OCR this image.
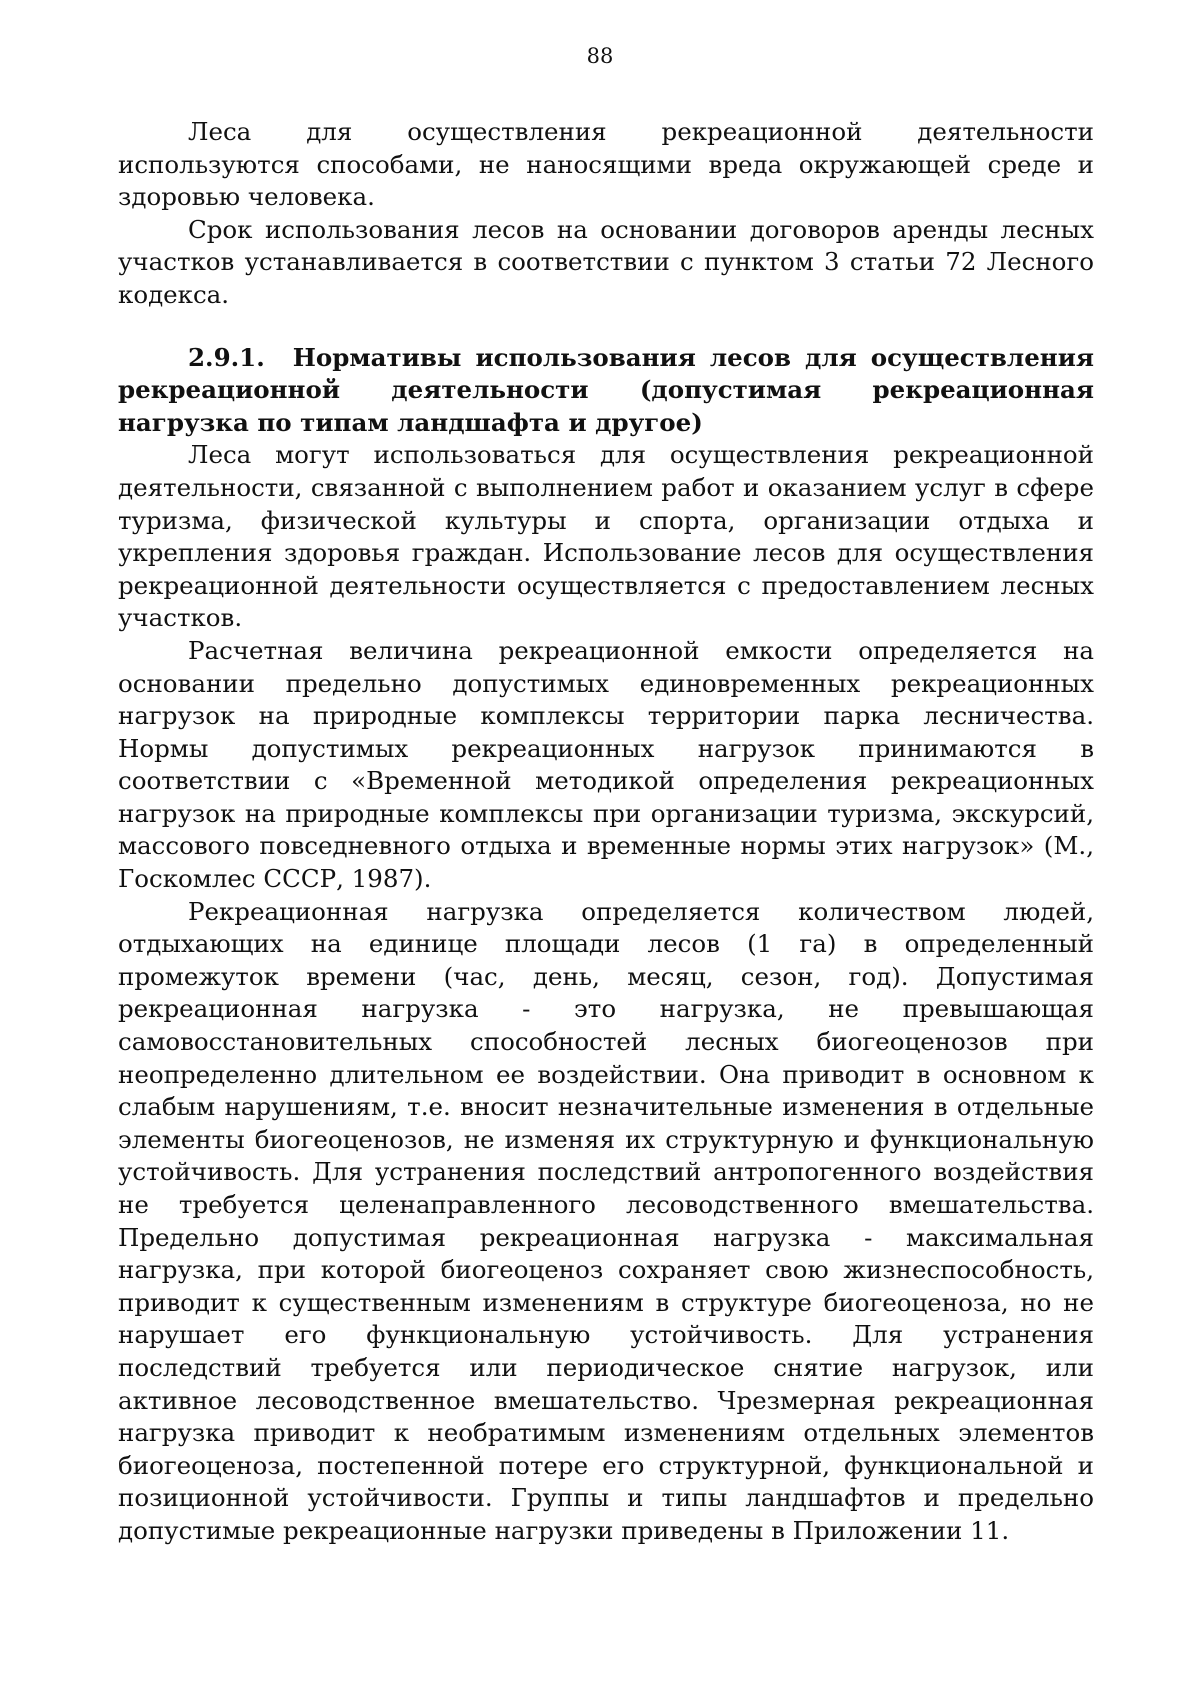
88

Леса для осуществления рекреационной деятельности используются способами, не наносящими вреда окружающей среде и здоровью человека.

Срок использования лесов на основании договоров аренды лесных участков устанавливается в соответствии с пунктом 3 статьи 72 Лесного кодекса.

2.9.1. Нормативы использования лесов для осуществления рекреационной деятельности (допустимая рекреационная нагрузка по типам ландшафта и другое)

Леса могут использоваться для осуществления рекреационной деятельности, связанной с выполнением работ и оказанием услуг в сфере туризма, физической культуры и спорта, организации отдыха и укрепления здоровья граждан. Использование лесов для осуществления рекреационной деятельности осуществляется с предоставлением лесных участков.

Расчетная величина рекреационной емкости определяется на основании предельно допустимых единовременных рекреационных нагрузок на природные комплексы территории парка лесничества. Нормы допустимых рекреационных нагрузок принимаются в соответствии с «Временной методикой определения рекреационных нагрузок на природные комплексы при организации туризма, экскурсий, массового повседневного отдыха и временные нормы этих нагрузок» (М., Госкомлес СССР, 1987).

Рекреационная нагрузка определяется количеством людей, отдыхающих на единице площади лесов (1 га) в определенный промежуток времени (час, день, месяц, сезон, год). Допустимая рекреационная нагрузка - это нагрузка, не превышающая самовосстановительных способностей лесных биогеоценозов при неопределенно длительном ее воздействии. Она приводит в основном к слабым нарушениям, т.е. вносит незначительные изменения в отдельные элементы биогеоценозов, не изменяя их структурную и функциональную устойчивость. Для устранения последствий антропогенного воздействия не требуется целенаправленного лесоводственного вмешательства. Предельно допустимая рекреационная нагрузка - максимальная нагрузка, при которой биогеоценоз сохраняет свою жизнеспособность, приводит к существенным изменениям в структуре биогеоценоза, но не нарушает его функциональную устойчивость. Для устранения последствий требуется или периодическое снятие нагрузок, или активное лесоводственное вмешательство. Чрезмерная рекреационная нагрузка приводит к необратимым изменениям отдельных элементов биогеоценоза, постепенной потере его структурной, функциональной и позиционной устойчивости. Группы и типы ландшафтов и предельно допустимые рекреационные нагрузки приведены в Приложении 11.
